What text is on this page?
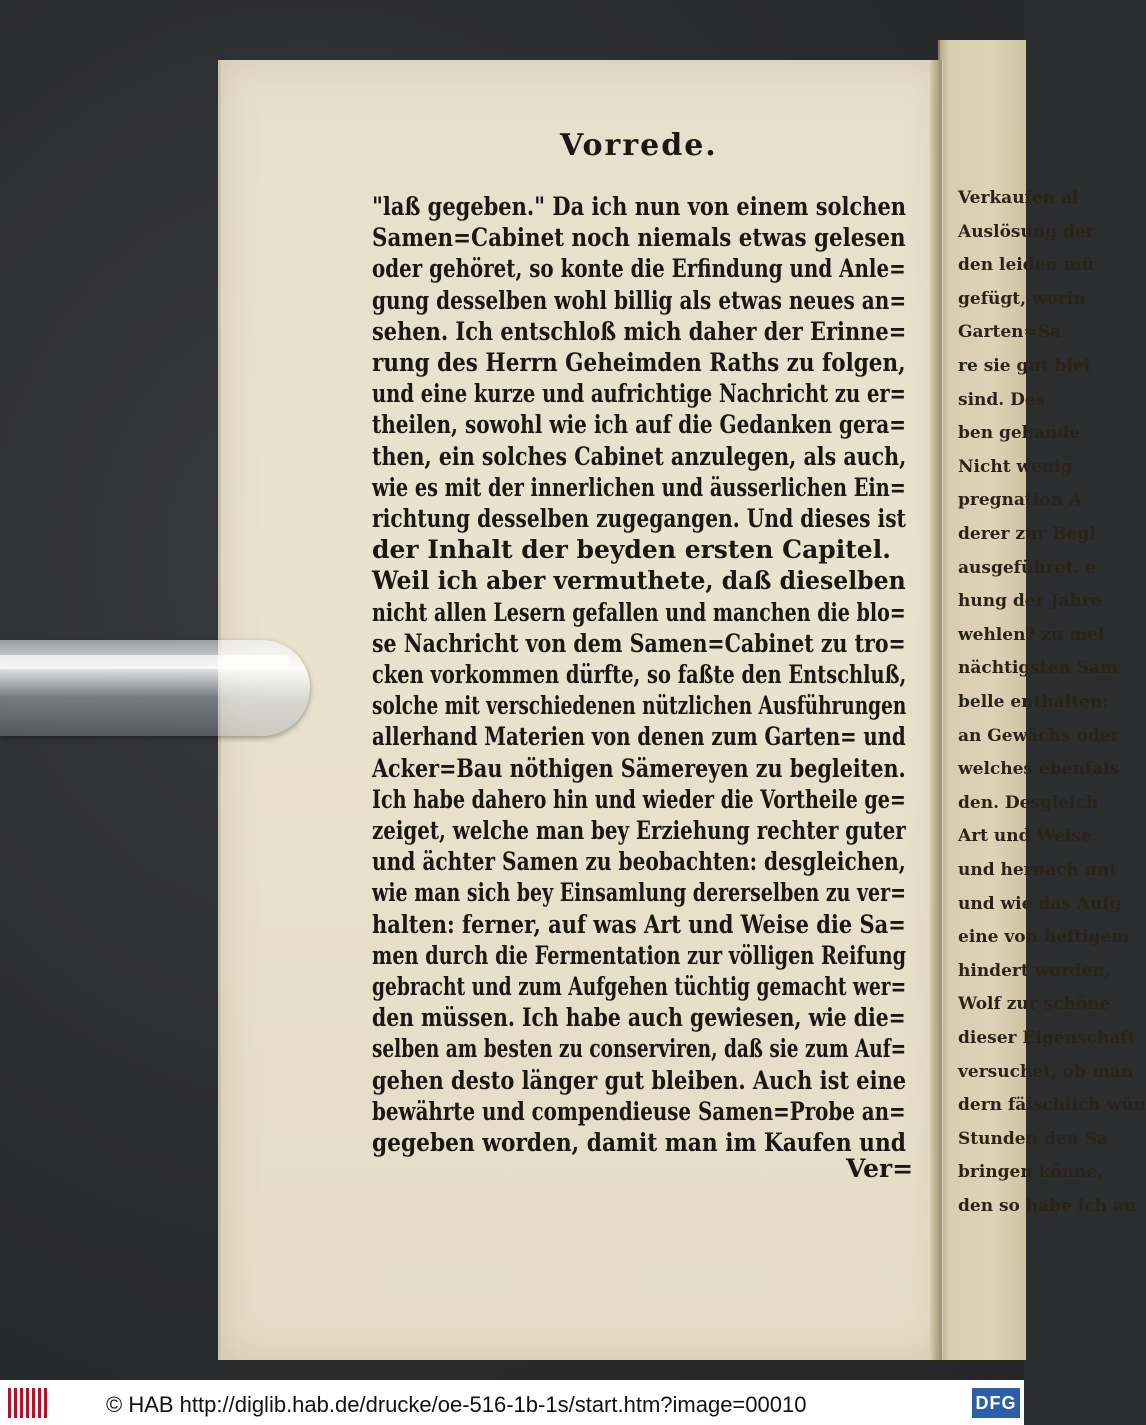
Verkaufen al
Auslösung der
den leiden mü
gefügt, worin
Garten=Sa
re sie gut blei
sind. Des
ben gehande
Nicht wenig
pregnation A
derer zur Begi
ausgeführet. e
hung der Jahre
wehlen? zu mel
nächtigsten Sam
belle enthalten:
an Gewächs oder
welches ebenfals
den. Desgleich
Art und Weise
und hernach unt
und wie das Aufg
eine von heftigem
hindert worden,
Wolf zur schöne
dieser Eigenschaft
versuchet, ob man
dern fälschlich wün
Stunden den Sa
bringen könne,
den so habe ich au
Vorrede.
"laß gegeben." Da ich nun von einem solchen
Samen=Cabinet noch niemals etwas gelesen
oder gehöret, so konte die Erfindung und Anle=
gung desselben wohl billig als etwas neues an=
sehen. Ich entschloß mich daher der Erinne=
rung des Herrn Geheimden Raths zu folgen,
und eine kurze und aufrichtige Nachricht zu er=
theilen, sowohl wie ich auf die Gedanken gera=
then, ein solches Cabinet anzulegen, als auch,
wie es mit der innerlichen und äusserlichen Ein=
richtung desselben zugegangen. Und dieses ist
der Inhalt der beyden ersten Capitel.
Weil ich aber vermuthete, daß dieselben
nicht allen Lesern gefallen und manchen die blo=
se Nachricht von dem Samen=Cabinet zu tro=
cken vorkommen dürfte, so faßte den Entschluß,
solche mit verschiedenen nützlichen Ausführungen
allerhand Materien von denen zum Garten= und
Acker=Bau nöthigen Sämereyen zu begleiten.
Ich habe dahero hin und wieder die Vortheile ge=
zeiget, welche man bey Erziehung rechter guter
und ächter Samen zu beobachten: desgleichen,
wie man sich bey Einsamlung dererselben zu ver=
halten: ferner, auf was Art und Weise die Sa=
men durch die Fermentation zur völligen Reifung
gebracht und zum Aufgehen tüchtig gemacht wer=
den müssen. Ich habe auch gewiesen, wie die=
selben am besten zu conserviren, daß sie zum Auf=
gehen desto länger gut bleiben. Auch ist eine
bewährte und compendieuse Samen=Probe an=
gegeben worden, damit man im Kaufen und
Ver=
© HAB http://diglib.hab.de/drucke/oe-516-1b-1s/start.htm?image=00010	DFG
